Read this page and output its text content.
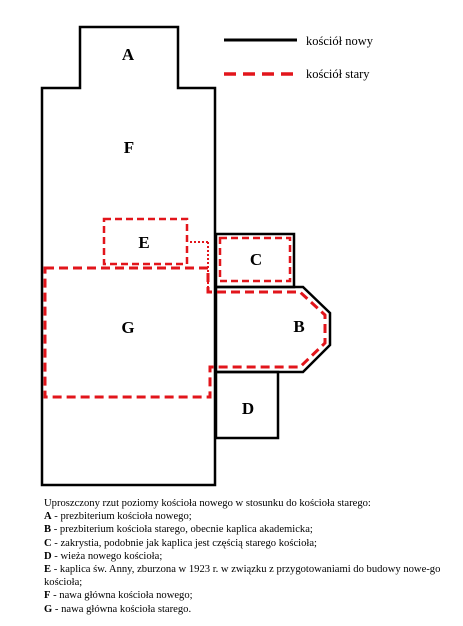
A
F
E
C
G	B
D
kościół nowy
kościół stary

Uproszczony rzut poziomy kościoła nowego w stosunku do kościoła starego:

A - prezbiterium kościoła nowego;

B - prezbiterium kościoła starego, obecnie kaplica akademicka;

C - zakrystia, podobnie jak kaplica jest częścią starego kościoła;

D - wieża nowego kościoła;

E - kaplica św. Anny, zburzona w 1923 r. w związku z przygotowaniami do budowy nowe-go kościoła;

F - nawa główna kościoła nowego;

G - nawa główna kościoła starego.
